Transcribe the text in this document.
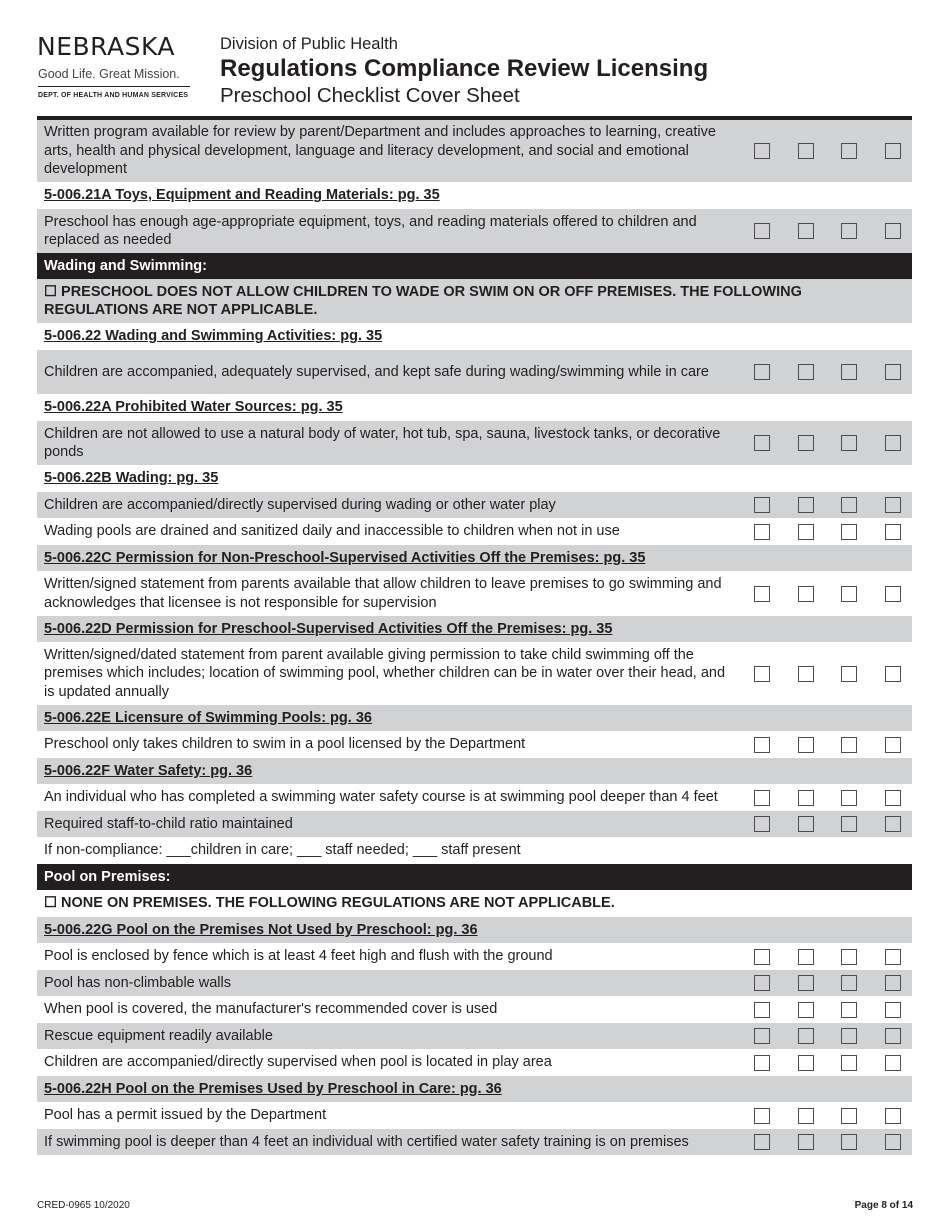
NEBRASKA
Good Life. Great Mission.
DEPT. OF HEALTH AND HUMAN SERVICES
Division of Public Health
Regulations Compliance Review Licensing
Preschool Checklist Cover Sheet
Written program available for review by parent/Department and includes approaches to learning, creative arts, health and physical development, language and literacy development, and social and emotional development
5-006.21A Toys, Equipment and Reading Materials: pg. 35
Preschool has enough age-appropriate equipment, toys, and reading materials offered to children and replaced as needed
Wading and Swimming:
☐ PRESCHOOL DOES NOT ALLOW CHILDREN TO WADE OR SWIM ON OR OFF PREMISES. THE FOLLOWING REGULATIONS ARE NOT APPLICABLE.
5-006.22 Wading and Swimming Activities: pg. 35
Children are accompanied, adequately supervised, and kept safe during wading/swimming while in care
5-006.22A Prohibited Water Sources: pg. 35
Children are not allowed to use a natural body of water, hot tub, spa, sauna, livestock tanks, or decorative ponds
5-006.22B Wading: pg. 35
Children are accompanied/directly supervised during wading or other water play
Wading pools are drained and sanitized daily and inaccessible to children when not in use
5-006.22C Permission for Non-Preschool-Supervised Activities Off the Premises: pg. 35
Written/signed statement from parents available that allow children to leave premises to go swimming and acknowledges that licensee is not responsible for supervision
5-006.22D Permission for Preschool-Supervised Activities Off the Premises: pg. 35
Written/signed/dated statement from parent available giving permission to take child swimming off the premises which includes; location of swimming pool, whether children can be in water over their head, and is updated annually
5-006.22E Licensure of Swimming Pools: pg. 36
Preschool only takes children to swim in a pool licensed by the Department
5-006.22F Water Safety: pg. 36
An individual who has completed a swimming water safety course is at swimming pool deeper than 4 feet
Required staff-to-child ratio maintained
If non-compliance: ___children in care; ___ staff needed; ___ staff present
Pool on Premises:
☐ NONE ON PREMISES. THE FOLLOWING REGULATIONS ARE NOT APPLICABLE.
5-006.22G Pool on the Premises Not Used by Preschool: pg. 36
Pool is enclosed by fence which is at least 4 feet high and flush with the ground
Pool has non-climbable walls
When pool is covered, the manufacturer's recommended cover is used
Rescue equipment readily available
Children are accompanied/directly supervised when pool is located in play area
5-006.22H Pool on the Premises Used by Preschool in Care: pg. 36
Pool has a permit issued by the Department
If swimming pool is deeper than 4 feet an individual with certified water safety training is on premises
CRED-0965 10/2020	Page 8 of 14
